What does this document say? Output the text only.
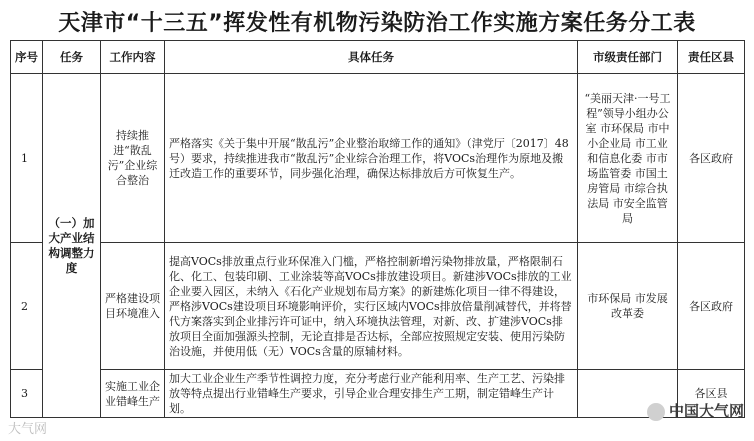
天津市“十三五”挥发性有机物污染防治工作实施方案任务分工表
序号	任务	工作内容	具体任务	市级责任部门	责任区县
1	（一）加大产业结构调整力度	持续推进“散乱污”企业综合整治	严格落实《关于集中开展“散乱污”企业整治取缔工作的通知》（津党厅〔2017〕48号）要求，持续推进我市“散乱污”企业综合治理工作，将VOCs治理作为原地及搬迁改造工作的重要环节，同步强化治理，确保达标排放后方可恢复生产。	“美丽天津·一号工程”领导小组办公室 市环保局 市中小企业局 市工业和信息化委 市市场监管委 市国土房管局 市综合执法局 市安全监管局	各区政府
2		严格建设项目环境准入	提高VOCs排放重点行业环保准入门槛，严格控制新增污染物排放量，严格限制石化、化工、包装印刷、工业涂装等高VOCs排放建设项目。新建涉VOCs排放的工业企业要入园区，未纳入《石化产业规划布局方案》的新建炼化项目一律不得建设，严格涉VOCs建设项目环境影响评价，实行区域内VOCs排放倍量削减替代，并将替代方案落实到企业排污许可证中，纳入环境执法管理，对新、改、扩建涉VOCs排放项目全面加强源头控制，无论直排是否达标，全部应按照规定安装、使用污染防治设施，并使用低（无）VOCs含量的原辅材料。	市环保局 市发展改革委	各区政府
3		实施工业企业错峰生产	加大工业企业生产季节性调控力度，充分考虑行业产能利用率、生产工艺、污染排放等特点提出行业错峰生产要求，引导企业合理安排生产工期，制定错峰生产计划。		各区县
大气网
中国大气网
